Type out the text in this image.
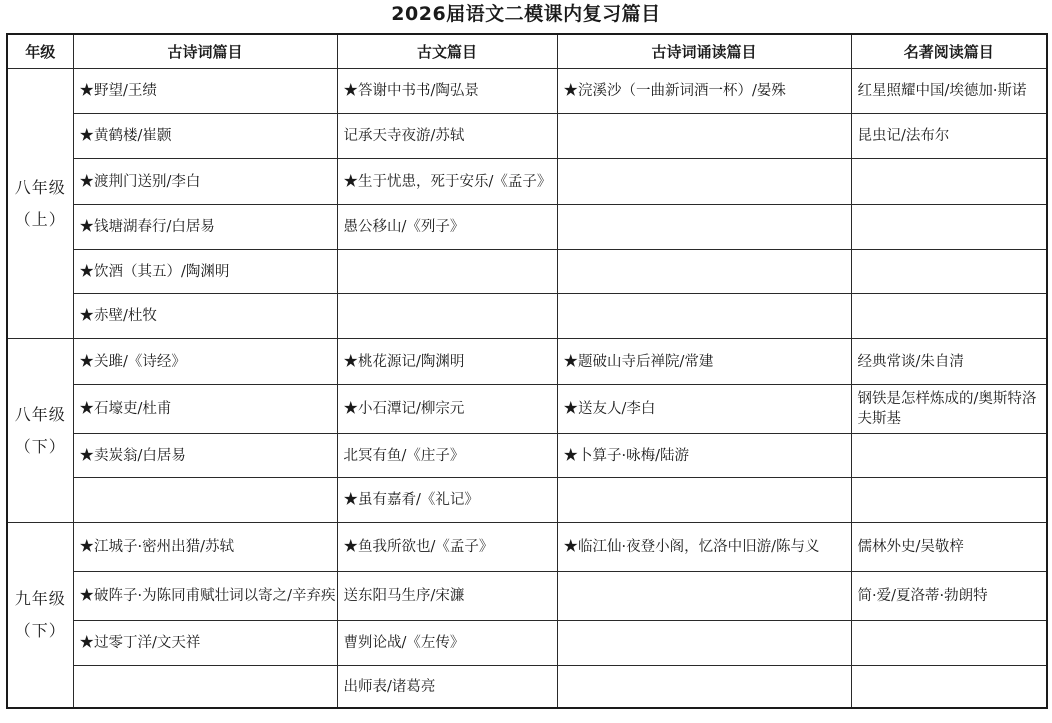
2026届语文二模课内复习篇目
年级	古诗词篇目	古文篇目	古诗词诵读篇目	名著阅读篇目

八年级
（上）	★野望/王绩	★答谢中书书/陶弘景	★浣溪沙（一曲新词酒一杯）/晏殊	红星照耀中国/埃德加·斯诺
	★黄鹤楼/崔颢	记承天寺夜游/苏轼		昆虫记/法布尔
	★渡荆门送别/李白	★生于忧患，死于安乐/《孟子》		
	★钱塘湖春行/白居易	愚公移山/《列子》		
	★饮酒（其五）/陶渊明			
	★赤壁/杜牧			

八年级
（下）	★关雎/《诗经》	★桃花源记/陶渊明	★题破山寺后禅院/常建	经典常谈/朱自清
	★石壕吏/杜甫	★小石潭记/柳宗元	★送友人/李白	钢铁是怎样炼成的/奥斯特洛夫斯基
	★卖炭翁/白居易	北冥有鱼/《庄子》	★卜算子·咏梅/陆游	
		★虽有嘉肴/《礼记》		

九年级
（下）	★江城子·密州出猎/苏轼	★鱼我所欲也/《孟子》	★临江仙·夜登小阁，忆洛中旧游/陈与义	儒林外史/吴敬梓
	★破阵子·为陈同甫赋壮词以寄之/辛弃疾	送东阳马生序/宋濂		简·爱/夏洛蒂·勃朗特
	★过零丁洋/文天祥	曹刿论战/《左传》		
		出师表/诸葛亮		
